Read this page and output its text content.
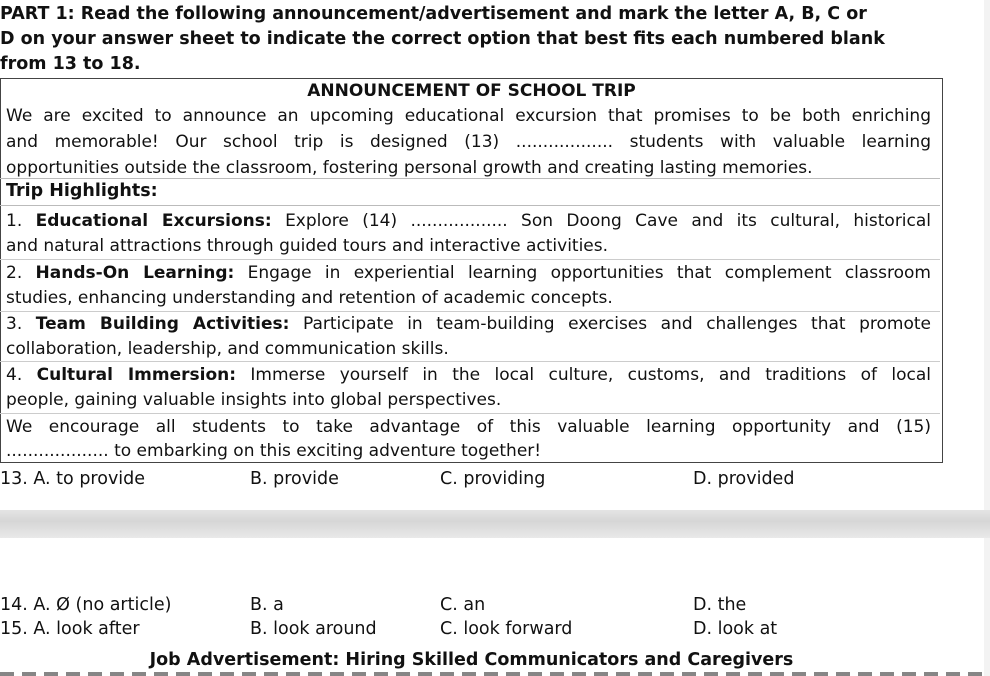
PART 1: Read the following announcement/advertisement and mark the letter A, B, C or
D on your answer sheet to indicate the correct option that best fits each numbered blank
from 13 to 18.
ANNOUNCEMENT OF SCHOOL TRIP
We are excited to announce an upcoming educational excursion that promises to be both enriching
and memorable! Our school trip is designed (13) .................. students with valuable learning
opportunities outside the classroom, fostering personal growth and creating lasting memories.
Trip Highlights:
1. Educational Excursions: Explore (14) .................. Son Doong Cave and its cultural, historical
and natural attractions through guided tours and interactive activities.
2. Hands-On Learning: Engage in experiential learning opportunities that complement classroom
studies, enhancing understanding and retention of academic concepts.
3. Team Building Activities: Participate in team-building exercises and challenges that promote
collaboration, leadership, and communication skills.
4. Cultural Immersion: Immerse yourself in the local culture, customs, and traditions of local
people, gaining valuable insights into global perspectives.
We encourage all students to take advantage of this valuable learning opportunity and (15)
................... to embarking on this exciting adventure together!
13. A. to provide	B. provide	C. providing	D. provided
14. A. Ø (no article)	B. a	C. an	D. the
15. A. look after	B. look around	C. look forward	D. look at
Job Advertisement: Hiring Skilled Communicators and Caregivers
